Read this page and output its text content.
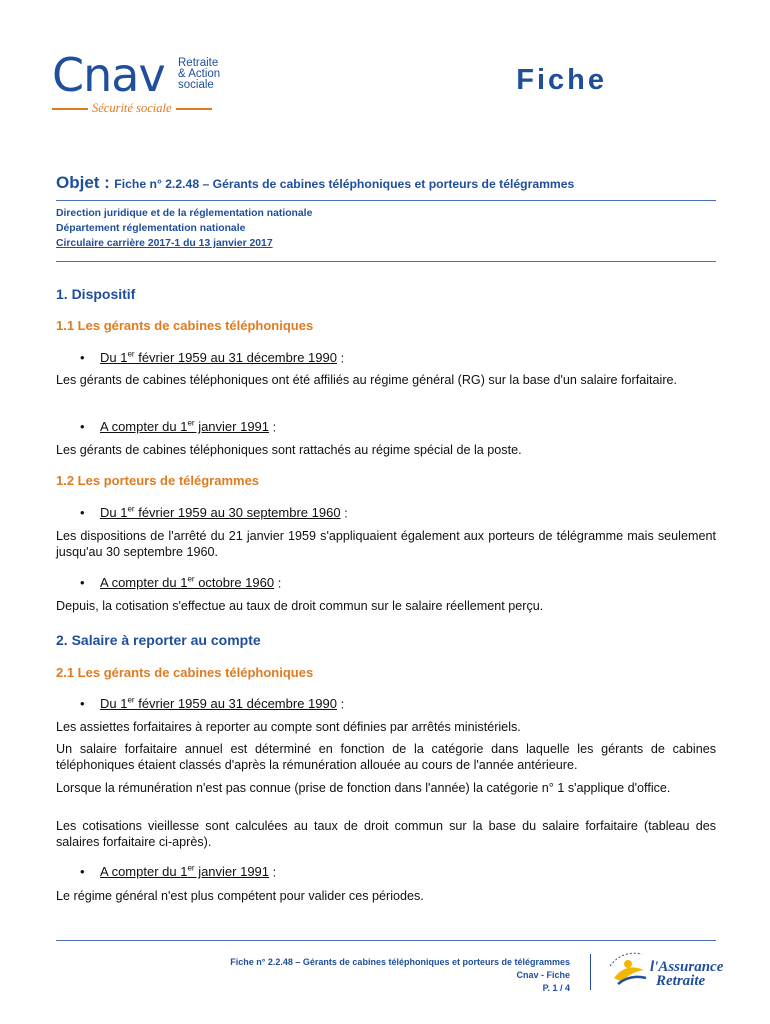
Cnav Retraite
& Action
sociale
Sécurité sociale
Fiche
Objet : Fiche n° 2.2.48 – Gérants de cabines téléphoniques et porteurs de télégrammes
Direction juridique et de la réglementation nationale
Département réglementation nationale
Circulaire carrière 2017-1 du 13 janvier 2017
1. Dispositif
1.1 Les gérants de cabines téléphoniques
• Du 1er février 1959 au 31 décembre 1990 :
Les gérants de cabines téléphoniques ont été affiliés au régime général (RG) sur la base d'un salaire forfaitaire.
• A compter du 1er janvier 1991 :
Les gérants de cabines téléphoniques sont rattachés au régime spécial de la poste.
1.2 Les porteurs de télégrammes
• Du 1er février 1959 au 30 septembre 1960 :
Les dispositions de l'arrêté du 21 janvier 1959 s'appliquaient également aux porteurs de télégramme mais seulement jusqu'au 30 septembre 1960.
• A compter du 1er octobre 1960 :
Depuis, la cotisation s'effectue au taux de droit commun sur le salaire réellement perçu.
2. Salaire à reporter au compte
2.1 Les gérants de cabines téléphoniques
• Du 1er février 1959 au 31 décembre 1990 :
Les assiettes forfaitaires à reporter au compte sont définies par arrêtés ministériels.
Un salaire forfaitaire annuel est déterminé en fonction de la catégorie dans laquelle les gérants de cabines téléphoniques étaient classés d'après la rémunération allouée au cours de l'année antérieure.
Lorsque la rémunération n'est pas connue (prise de fonction dans l'année) la catégorie n° 1 s'applique d'office.
Les cotisations vieillesse sont calculées au taux de droit commun sur la base du salaire forfaitaire (tableau des salaires forfaitaire ci-après).
• A compter du 1er janvier 1991 :
Le régime général n'est plus compétent pour valider ces périodes.
Fiche n° 2.2.48 – Gérants de cabines téléphoniques et porteurs de télégrammes
Cnav - Fiche
P. 1 / 4
l'Assurance
Retraite
